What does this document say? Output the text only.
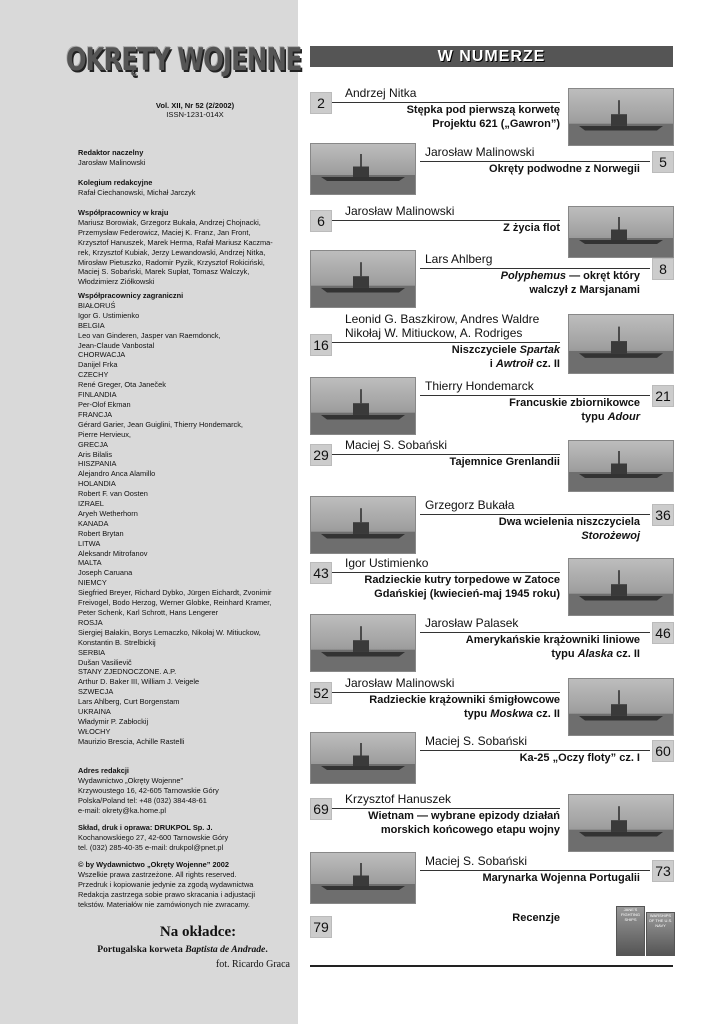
OKRĘTY WOJENNE
Vol. XII, Nr 52 (2/2002)
ISSN-1231-014X
Redaktor naczelny
Jarosław Malinowski
Kolegium redakcyjne
Rafał Ciechanowski, Michał Jarczyk
Współpracownicy w kraju
Mariusz Borowiak, Grzegorz Bukała, Andrzej Chojnacki,
Przemysław Federowicz, Maciej K. Franz, Jan Front,
Krzysztof Hanuszek, Marek Herma, Rafał Mariusz Kaczma-
rek, Krzysztof Kubiak, Jerzy Lewandowski, Andrzej Nitka,
Mirosław Pietuszko, Radomir Pyzik, Krzysztof Rokiciński,
Maciej S. Sobański, Marek Supłat, Tomasz Walczyk,
Włodzimierz Ziółkowski
Współpracownicy zagraniczni
BIAŁORUŚ
Igor G. Ustimienko
BELGIA
Leo van Ginderen, Jasper van Raemdonck,
Jean-Claude Vanbostal
CHORWACJA
Danijel Frka
CZECHY
René Greger, Ota Janeček
FINLANDIA
Per-Olof Ekman
FRANCJA
Gérard Garier, Jean Guiglini, Thierry Hondemarck,
Pierre Hervieux,
GRECJA
Aris Bilalis
HISZPANIA
Alejandro Anca Alamillo
HOLANDIA
Robert F. van Oosten
IZRAEL
Aryeh Wetherhorn
KANADA
Robert Brytan
LITWA
Aleksandr Mitrofanov
MALTA
Joseph Caruana
NIEMCY
Siegfried Breyer, Richard Dybko, Jürgen Eichardt, Zvonimir
Freivogel, Bodo Herzog, Werner Globke, Reinhard Kramer,
Peter Schenk, Karl Schrott, Hans Lengerer
ROSJA
Siergiej Bałakin, Borys Lemaczko, Nikołaj W. Mitiuckow,
Konstantin B. Strelbickij
SERBIA
Dušan Vasilievič
STANY ZJEDNOCZONE. A.P.
Arthur D. Baker III, William J. Veigele
SZWECJA
Lars Ahlberg, Curt Borgenstam
UKRAINA
Władymir P. Zabłockij
WŁOCHY
Maurizio Brescia, Achille Rastelli
Adres redakcji
Wydawnictwo „Okręty Wojenne”
Krzywoustego 16, 42-605 Tarnowskie Góry
Polska/Poland tel: +48 (032) 384-48-61
e-mail: okrety@ka.home.pl
Skład, druk i oprawa: DRUKPOL Sp. J.
Kochanowskiego 27, 42-600 Tarnowskie Góry
tel. (032) 285-40-35 e-mail: drukpol@pnet.pl
© by Wydawnictwo „Okręty Wojenne” 2002
Wszelkie prawa zastrzeżone. All rights reserved.
Przedruk i kopiowanie jedynie za zgodą wydawnictwa
Redakcja zastrzega sobie prawo skracania i adjustacji
tekstów. Materiałów nie zamówionych nie zwracamy.
Na okładce:
Portugalska korweta Baptista de Andrade.
fot. Ricardo Graca
W NUMERZE
2
Andrzej Nitka
Stępka pod pierwszą korwetę
Projektu 621 („Gawron”)
5
Jarosław Malinowski
Okręty podwodne z Norwegii
6
Jarosław Malinowski
Z życia flot
8
Lars Ahlberg
Polyphemus — okręt który
walczył z Marsjanami
16
Leonid G. Baszkirow, Andres Waldre
Nikołaj W. Mitiuckow, A. Rodriges
Niszczyciele Spartak
i Awtroił cz. II
21
Thierry Hondemarck
Francuskie zbiornikowce
typu Adour
29
Maciej S. Sobański
Tajemnice Grenlandii
36
Grzegorz Bukała
Dwa wcielenia niszczyciela
Storożewoj
43
Igor Ustimienko
Radzieckie kutry torpedowe w Zatoce
Gdańskiej (kwiecień-maj 1945 roku)
46
Jarosław Palasek
Amerykańskie krążowniki liniowe
typu Alaska cz. II
52
Jarosław Malinowski
Radzieckie krążowniki śmigłowcowe
typu Moskwa cz. II
60
Maciej S. Sobański
Ka-25 „Oczy floty” cz. I
69
Krzysztof Hanuszek
Wietnam — wybrane epizody działań
morskich końcowego etapu wojny
73
Maciej S. Sobański
Marynarka Wojenna Portugalii
79
Recenzje
JANE'S FIGHTING SHIPS
WARSHIPS OF THE U.S. NAVY
